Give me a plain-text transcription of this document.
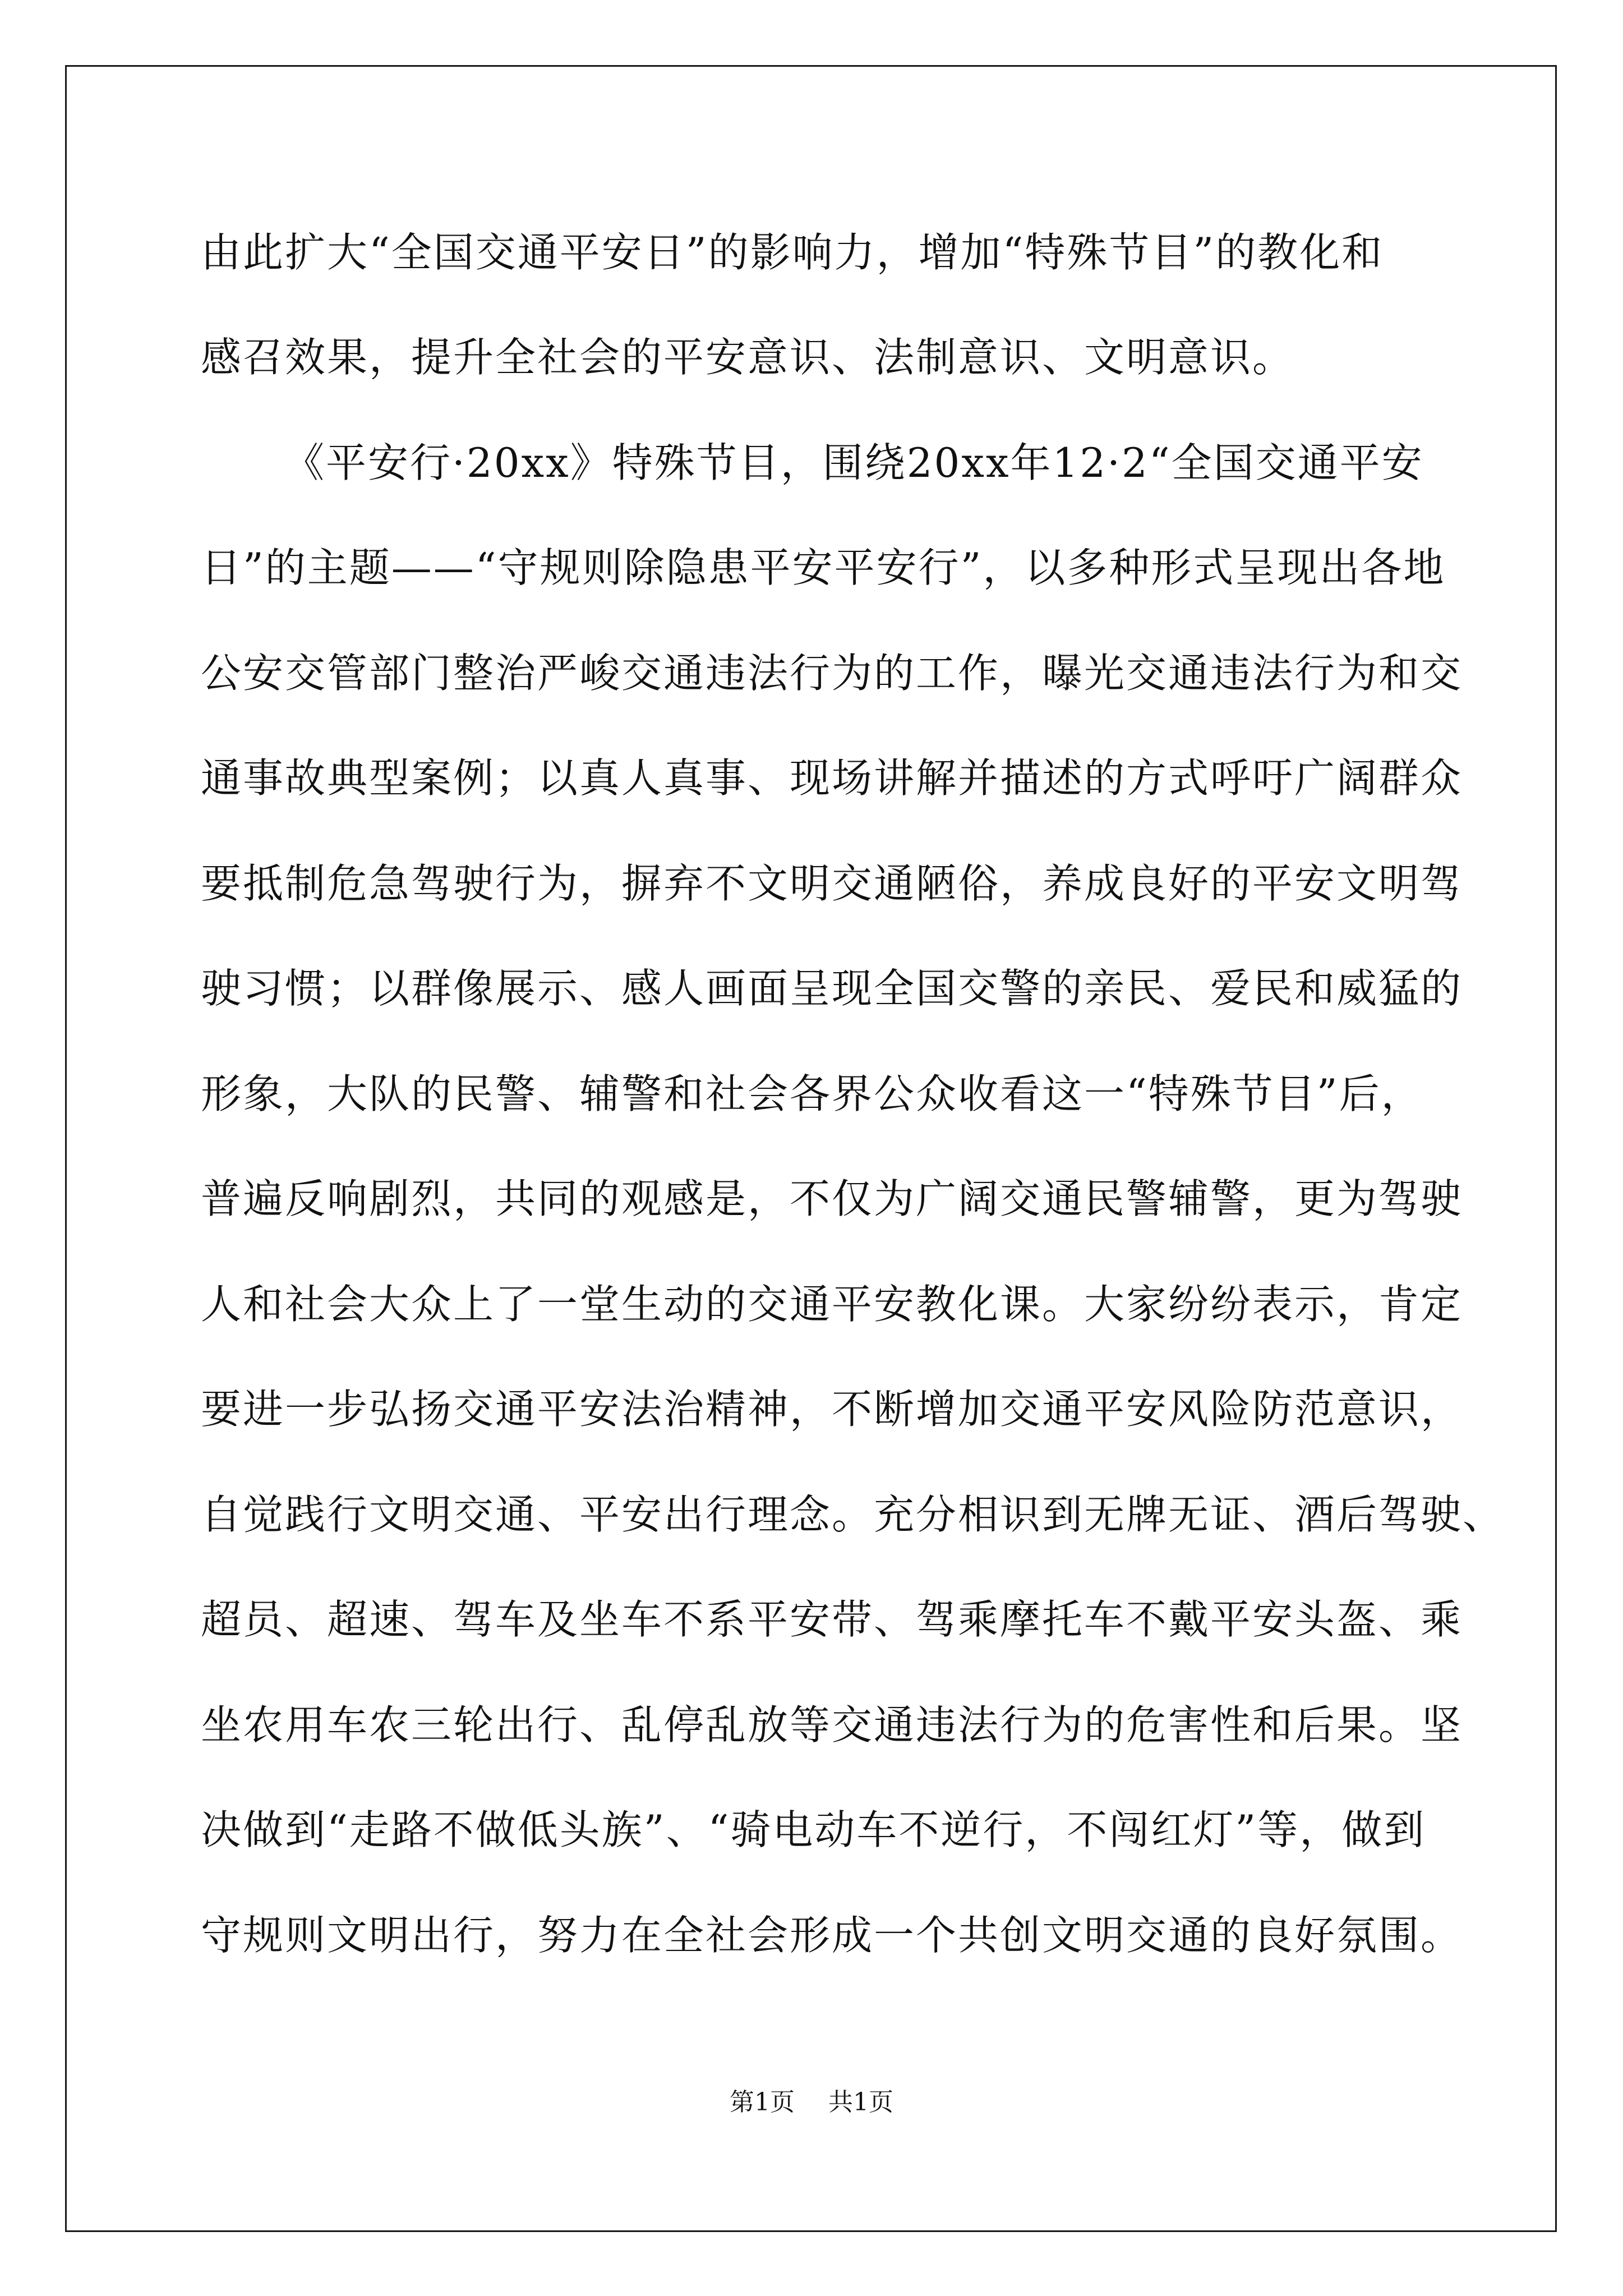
由此扩大“全国交通平安日”的影响力，增加“特殊节目”的教化和
感召效果，提升全社会的平安意识、法制意识、文明意识。
《平安行·20xx》特殊节目，围绕20xx年12·2“全国交通平安
日”的主题——“守规则除隐患平安平安行”，以多种形式呈现出各地
公安交管部门整治严峻交通违法行为的工作，曝光交通违法行为和交
通事故典型案例；以真人真事、现场讲解并描述的方式呼吁广阔群众
要抵制危急驾驶行为，摒弃不文明交通陋俗，养成良好的平安文明驾
驶习惯；以群像展示、感人画面呈现全国交警的亲民、爱民和威猛的
形象，大队的民警、辅警和社会各界公众收看这一“特殊节目”后，
普遍反响剧烈，共同的观感是，不仅为广阔交通民警辅警，更为驾驶
人和社会大众上了一堂生动的交通平安教化课。大家纷纷表示，肯定
要进一步弘扬交通平安法治精神，不断增加交通平安风险防范意识，
自觉践行文明交通、平安出行理念。充分相识到无牌无证、酒后驾驶、
超员、超速、驾车及坐车不系平安带、驾乘摩托车不戴平安头盔、乘
坐农用车农三轮出行、乱停乱放等交通违法行为的危害性和后果。坚
决做到“走路不做低头族”、“骑电动车不逆行，不闯红灯”等，做到
守规则文明出行，努力在全社会形成一个共创文明交通的良好氛围。
第1页 共1页
